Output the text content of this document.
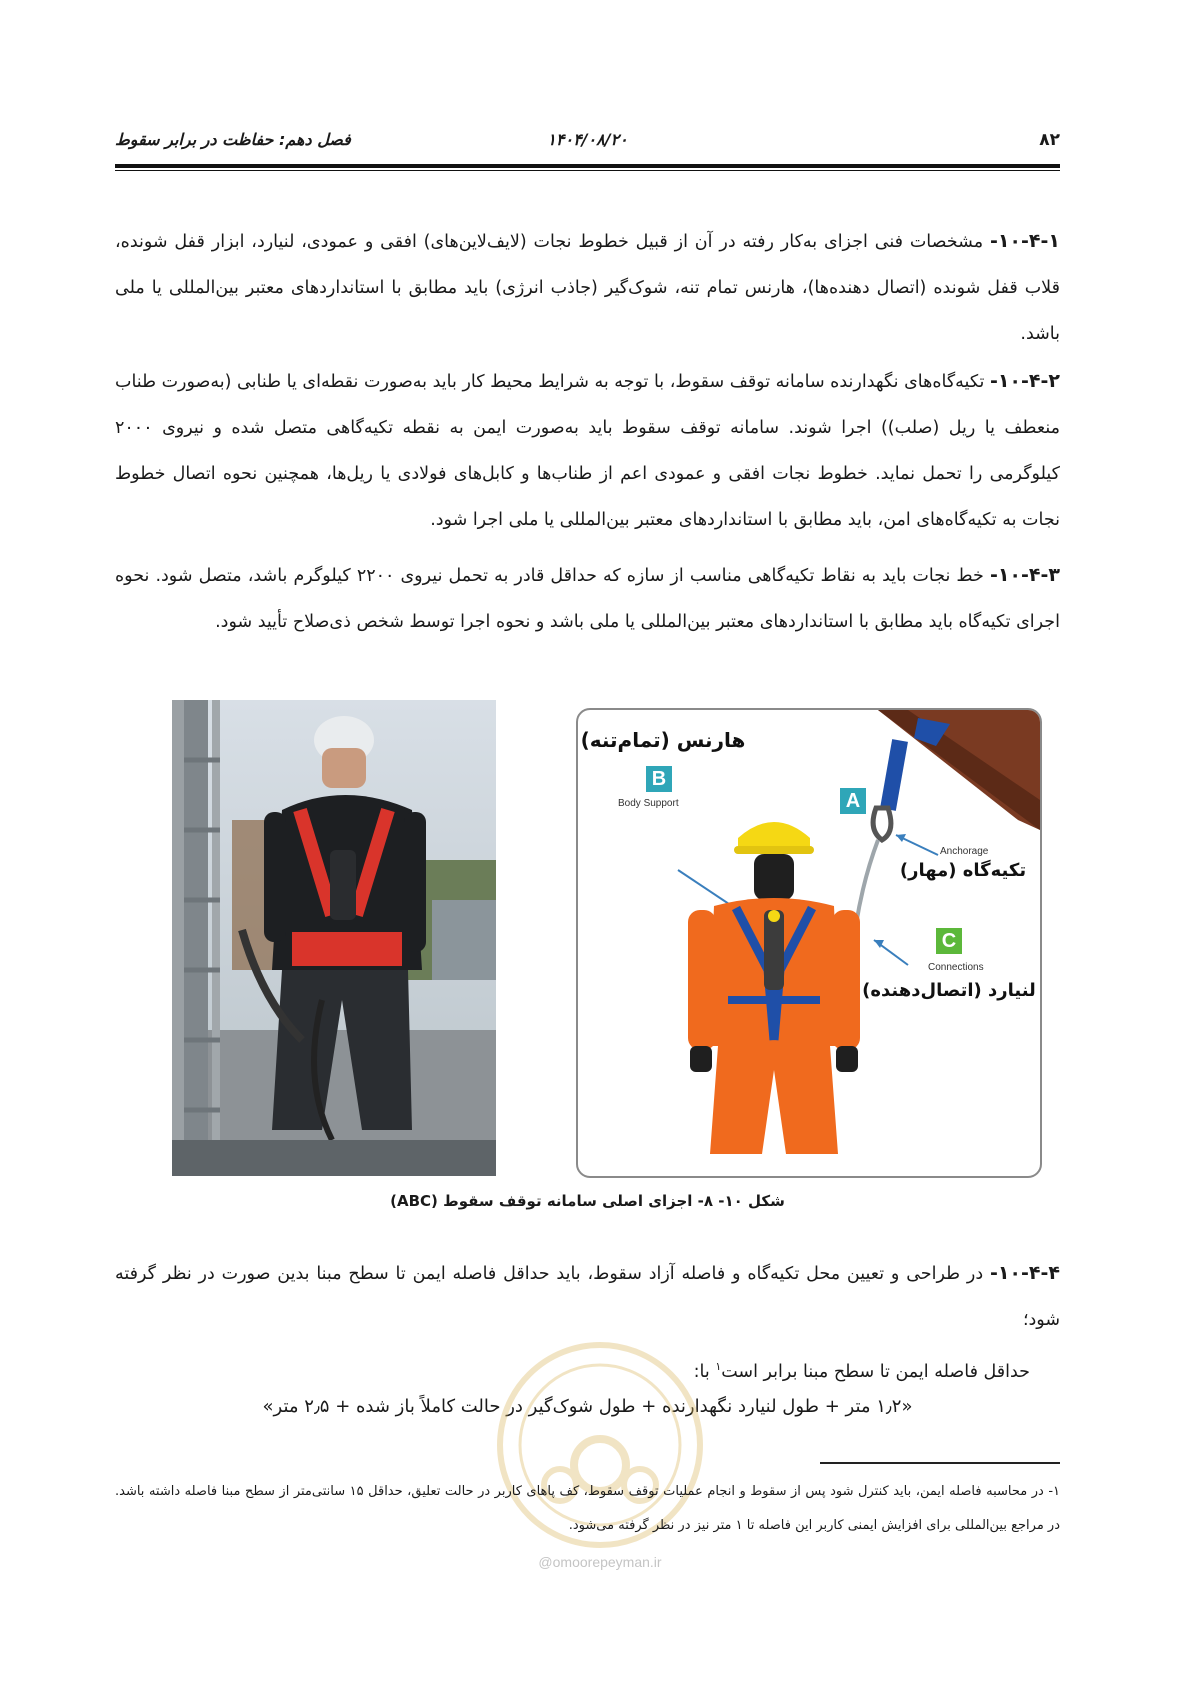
۸۲
۱۴۰۴/۰۸/۲۰
فصل دهم: حفاظت در برابر سقوط
۱۰-۴-۱- مشخصات فنی اجزای به‌کار رفته در آن از قبیل خطوط نجات (لایف‌لاین‌های) افقی و عمودی، لنیارد، ابزار قفل شونده، قلاب قفل شونده (اتصال دهنده‌ها)، هارنس تمام تنه، شوک‌گیر (جاذب انرژی) باید مطابق با استانداردهای معتبر بین‌المللی یا ملی باشد.
۱۰-۴-۲- تکیه‌گاه‌های نگهدارنده سامانه توقف سقوط، با توجه به شرایط محیط کار باید به‌صورت نقطه‌ای یا طنابی (به‌صورت طناب منعطف یا ریل (صلب)) اجرا شوند. سامانه توقف سقوط باید به‌صورت ایمن به نقطه تکیه‌گاهی متصل شده و نیروی ۲۰۰۰ کیلوگرمی را تحمل نماید. خطوط نجات افقی و عمودی اعم از طناب‌ها و کابل‌های فولادی یا ریل‌ها، همچنین نحوه اتصال خطوط نجات به تکیه‌گاه‌های امن، باید مطابق با استانداردهای معتبر بین‌المللی یا ملی اجرا شود.
۱۰-۴-۳- خط نجات باید به نقاط تکیه‌گاهی مناسب از سازه که حداقل قادر به تحمل نیروی ۲۲۰۰ کیلوگرم باشد، متصل شود. نحوه اجرای تکیه‌گاه باید مطابق با استانداردهای معتبر بین‌المللی یا ملی باشد و نحوه اجرا توسط شخص ذی‌صلاح تأیید شود.
هارنس (تمام‌تنه)
B
Body Support	A
Anchorage
تکیه‌گاه (مهار)
C
Connections
لنیارد (اتصال‌دهنده)
شکل ۱۰- ۸- اجزای اصلی سامانه توقف سقوط (ABC)
۱۰-۴-۴- در طراحی و تعیین محل تکیه‌گاه و فاصله آزاد سقوط، باید حداقل فاصله ایمن تا سطح مبنا بدین صورت در نظر گرفته شود؛
حداقل فاصله ایمن تا سطح مبنا برابر است$^۱$ با:
«۱٫۲ متر + طول لنیارد نگهدارنده + طول شوک‌گیر در حالت کاملاً باز شده + ۲٫۵ متر»
۱- در محاسبه فاصله ایمن، باید کنترل شود پس از سقوط و انجام عملیات توقف سقوط، کف پاهای کاربر در حالت تعلیق، حداقل ۱۵ سانتی‌متر از سطح مبنا فاصله داشته باشد. در مراجع بین‌المللی برای افزایش ایمنی کاربر این فاصله تا ۱ متر نیز در نظر گرفته می‌شود.
@omoorepeyman.ir
